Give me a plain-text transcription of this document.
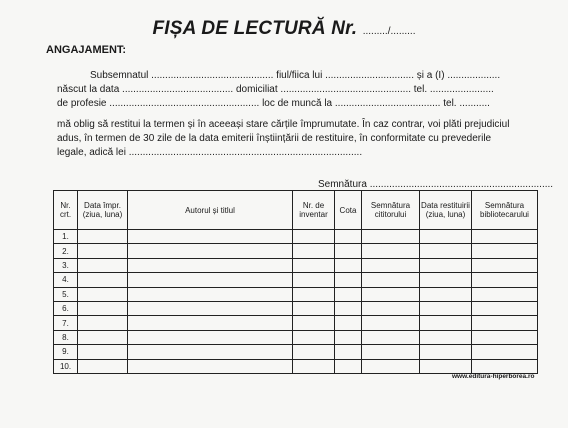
FIȘA DE LECTURĂ Nr. ........./.........
ANGAJAMENT:
Subsemnatul ............................................ fiul/fiica lui ................................ și a (I) ...................
născut la data ........................................ domiciliat ............................................... tel. .......................
de profesie ...................................................... loc de muncă la ...................................... tel. ...........
mă oblig să restitui la termen și în aceeași stare cărțile împrumutate. În caz contrar, voi plăti prejudiciul
adus, în termen de 30 zile de la data emiterii înștiințării de restituire, în conformitate cu prevederile
legale, adică lei ....................................................................................
Semnătura ..................................................................
Nr. crt.	Data împr. (ziua, luna)	Autorul și titlul	Nr. de inventar	Cota	Semnătura cititorului	Data restituirii (ziua, luna)	Semnătura bibliotecarului
1.							
2.							
3.							
4.							
5.							
6.							
7.							
8.							
9.							
10.							
www.editura-hiperborea.ro
